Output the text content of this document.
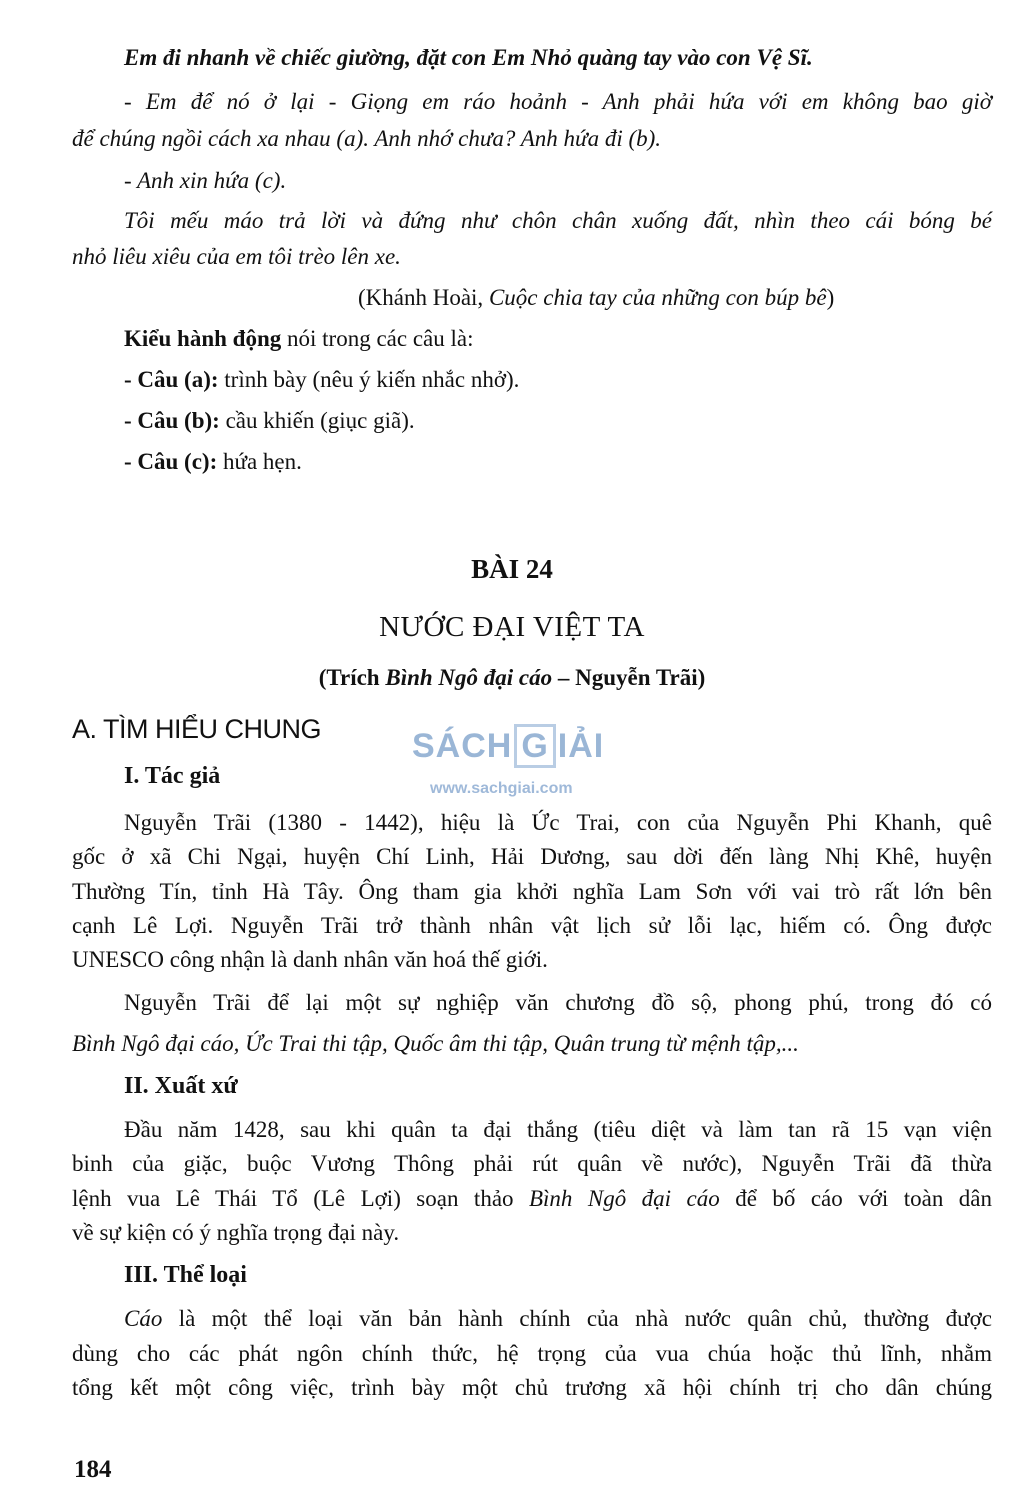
Em đi nhanh về chiếc giường, đặt con Em Nhỏ quàng tay vào con Vệ Sĩ.
- Em để nó ở lại - Giọng em ráo hoảnh - Anh phải hứa với em không bao giờ
để chúng ngồi cách xa nhau (a). Anh nhớ chưa? Anh hứa đi (b).
- Anh xin hứa (c).
Tôi mếu máo trả lời và đứng như chôn chân xuống đất, nhìn theo cái bóng bé
nhỏ liêu xiêu của em tôi trèo lên xe.
(Khánh Hoài, Cuộc chia tay của những con búp bê)
Kiểu hành động nói trong các câu là:
- Câu (a): trình bày (nêu ý kiến nhắc nhở).
- Câu (b): cầu khiến (giục giã).
- Câu (c): hứa hẹn.
BÀI 24
NƯỚC ĐẠI VIỆT TA
(Trích Bình Ngô đại cáo – Nguyễn Trãi)
SÁCH G IẢI
www.sachgiai.com
A. TÌM HIỂU CHUNG
I. Tác giả
Nguyễn Trãi (1380 - 1442), hiệu là Ức Trai, con của Nguyễn Phi Khanh, quê
gốc ở xã Chi Ngại, huyện Chí Linh, Hải Dương, sau dời đến làng Nhị Khê, huyện
Thường Tín, tỉnh Hà Tây. Ông tham gia khởi nghĩa Lam Sơn với vai trò rất lớn bên
cạnh Lê Lợi. Nguyễn Trãi trở thành nhân vật lịch sử lỗi lạc, hiếm có. Ông được
UNESCO công nhận là danh nhân văn hoá thế giới.
Nguyễn Trãi để lại một sự nghiệp văn chương đồ sộ, phong phú, trong đó có
Bình Ngô đại cáo, Ức Trai thi tập, Quốc âm thi tập, Quân trung từ mệnh tập,...
II. Xuất xứ
Đầu năm 1428, sau khi quân ta đại thắng (tiêu diệt và làm tan rã 15 vạn viện
binh của giặc, buộc Vương Thông phải rút quân về nước), Nguyễn Trãi đã thừa
lệnh vua Lê Thái Tổ (Lê Lợi) soạn thảo Bình Ngô đại cáo để bố cáo với toàn dân
về sự kiện có ý nghĩa trọng đại này.
III. Thể loại
Cáo là một thể loại văn bản hành chính của nhà nước quân chủ, thường được
dùng cho các phát ngôn chính thức, hệ trọng của vua chúa hoặc thủ lĩnh, nhằm
tổng kết một công việc, trình bày một chủ trương xã hội chính trị cho dân chúng
184
